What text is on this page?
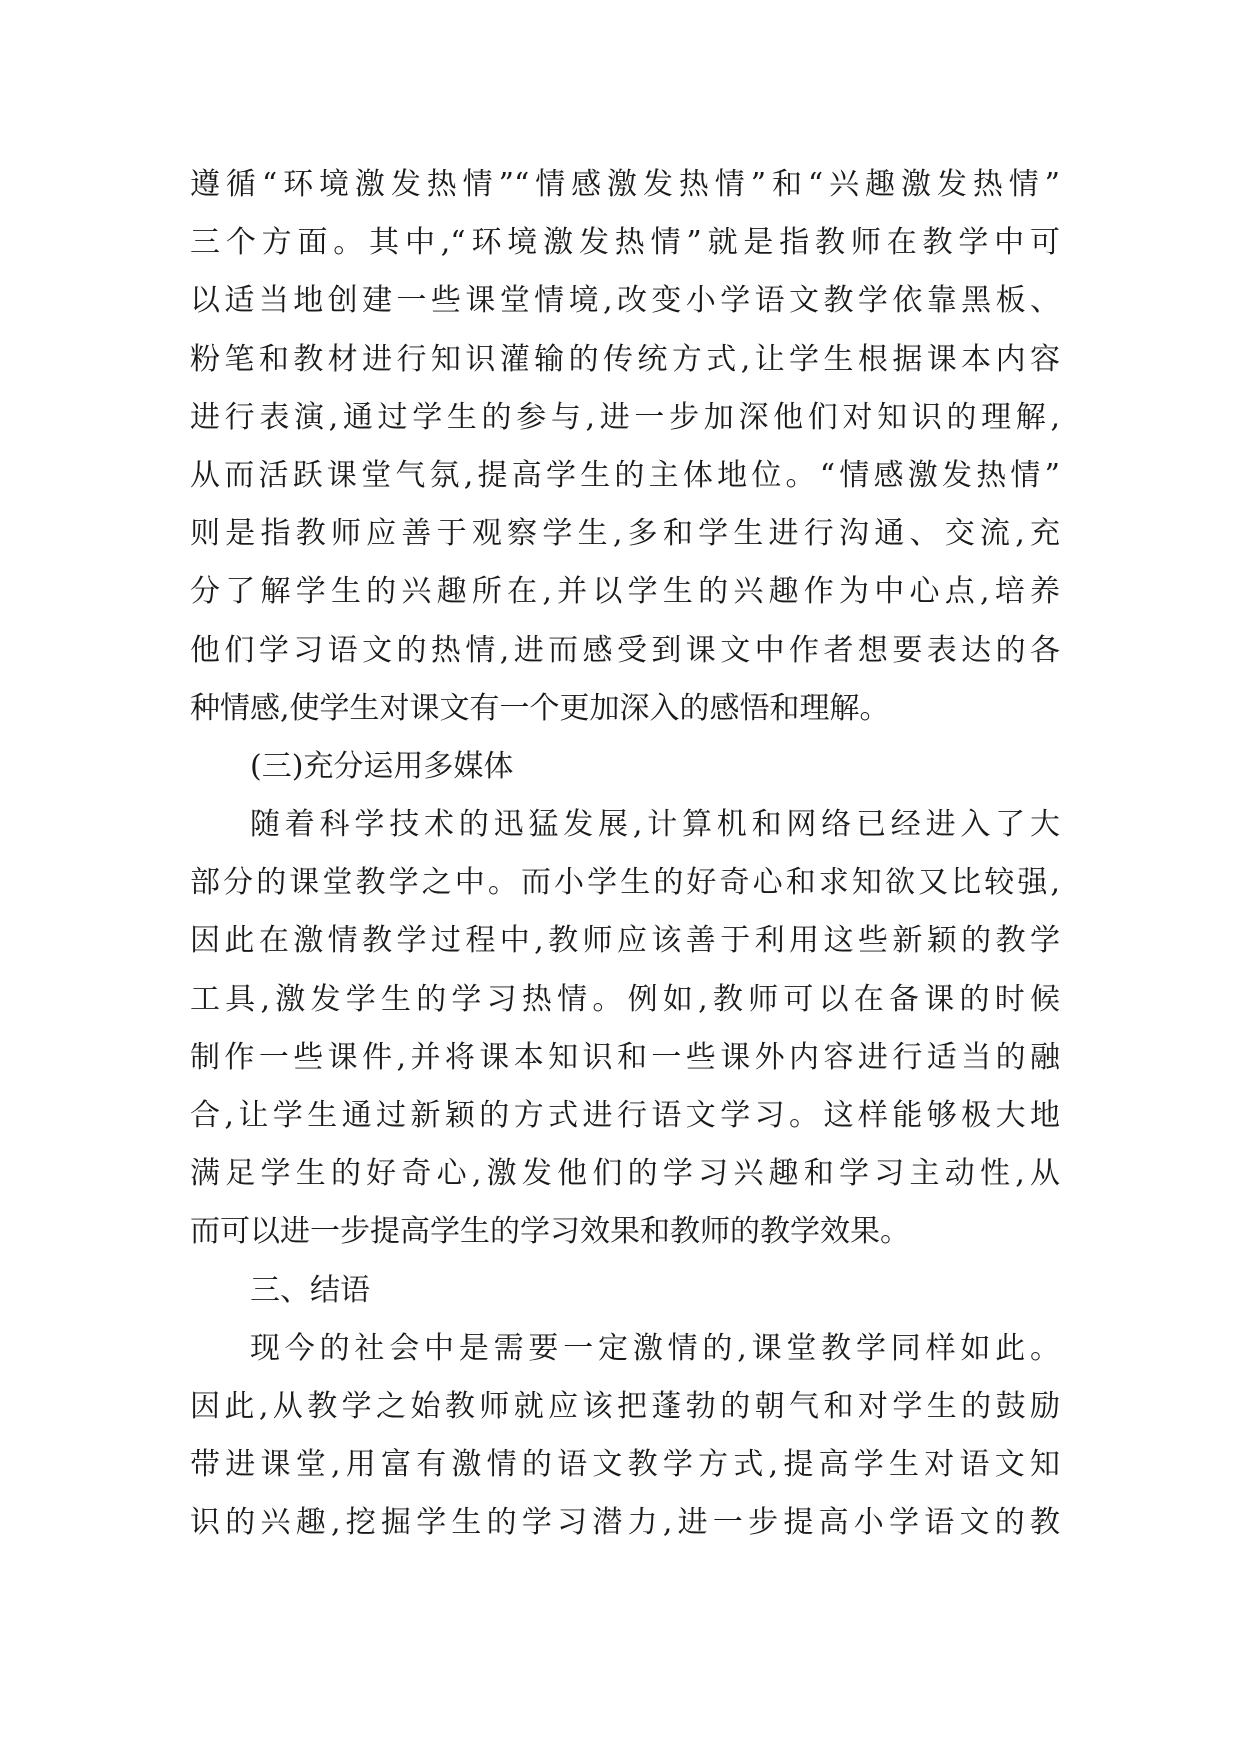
遵循“环境激发热情”“情感激发热情”和“兴趣激发热情”
三个方面。其中,“环境激发热情”就是指教师在教学中可
以适当地创建一些课堂情境,改变小学语文教学依靠黑板、
粉笔和教材进行知识灌输的传统方式,让学生根据课本内容
进行表演,通过学生的参与,进一步加深他们对知识的理解,
从而活跃课堂气氛,提高学生的主体地位。“情感激发热情”
则是指教师应善于观察学生,多和学生进行沟通、交流,充
分了解学生的兴趣所在,并以学生的兴趣作为中心点,培养
他们学习语文的热情,进而感受到课文中作者想要表达的各
种情感,使学生对课文有一个更加深入的感悟和理解。
(三)充分运用多媒体
随着科学技术的迅猛发展,计算机和网络已经进入了大
部分的课堂教学之中。而小学生的好奇心和求知欲又比较强,
因此在激情教学过程中,教师应该善于利用这些新颖的教学
工具,激发学生的学习热情。例如,教师可以在备课的时候
制作一些课件,并将课本知识和一些课外内容进行适当的融
合,让学生通过新颖的方式进行语文学习。这样能够极大地
满足学生的好奇心,激发他们的学习兴趣和学习主动性,从
而可以进一步提高学生的学习效果和教师的教学效果。
三、结语
现今的社会中是需要一定激情的,课堂教学同样如此。
因此,从教学之始教师就应该把蓬勃的朝气和对学生的鼓励
带进课堂,用富有激情的语文教学方式,提高学生对语文知
识的兴趣,挖掘学生的学习潜力,进一步提高小学语文的教
